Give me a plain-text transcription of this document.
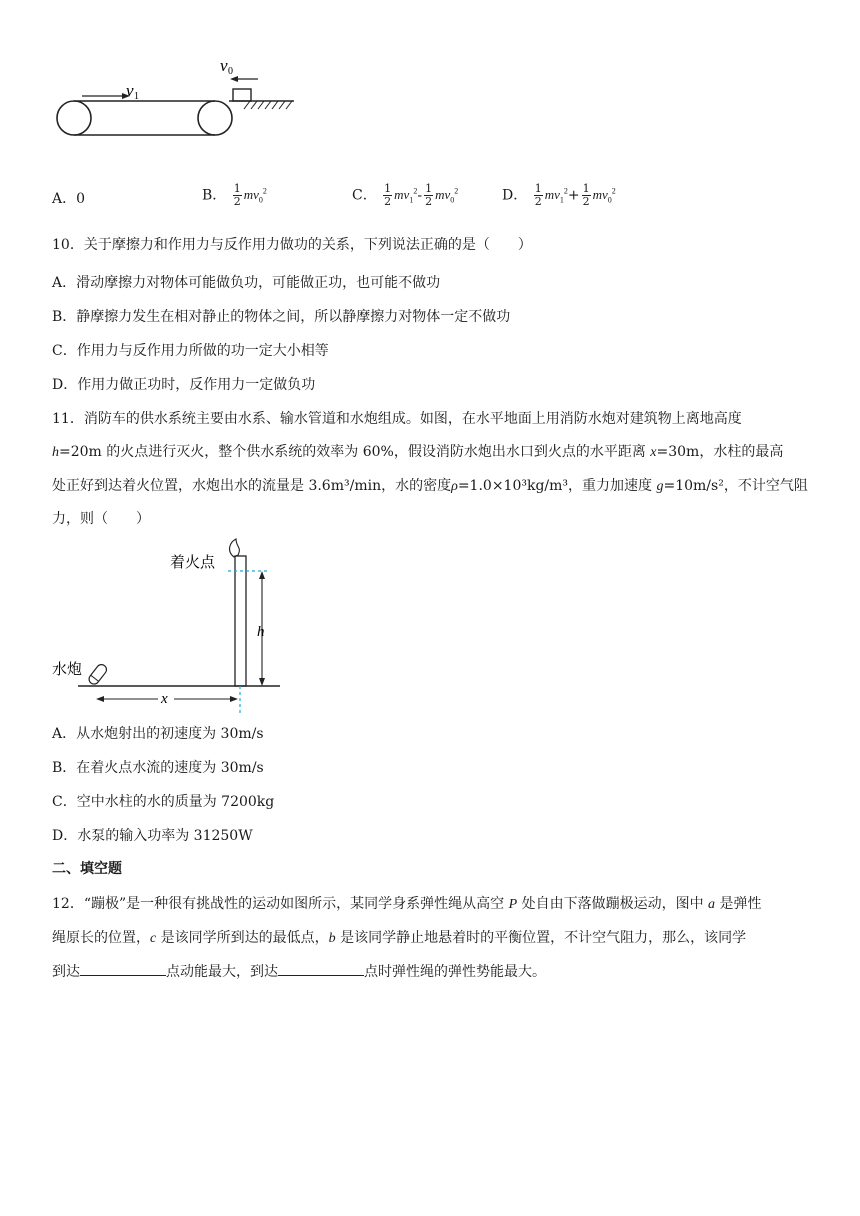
v 1
v 0
A．0	B． $\frac{1}{2} mv_0^2$	C． $\frac{1}{2} mv_1^2- \frac{1}{2} mv_0^2$	D． $\frac{1}{2} mv_1^2+ \frac{1}{2} mv_0^2$
10．关于摩擦力和作用力与反作用力做功的关系，下列说法正确的是（　　）
A．滑动摩擦力对物体可能做负功，可能做正功，也可能不做功
B．静摩擦力发生在相对静止的物体之间，所以静摩擦力对物体一定不做功
C．作用力与反作用力所做的功一定大小相等
D．作用力做正功时，反作用力一定做负功
11．消防车的供水系统主要由水系、输水管道和水炮组成。如图，在水平地面上用消防水炮对建筑物上离地高度
h=20m 的火点进行灭火，整个供水系统的效率为 60%，假设消防水炮出水口到火点的水平距离 x=30m，水柱的最高
处正好到达着火位置，水炮出水的流量是 3.6m³/min，水的密度ρ=1.0×10³kg/m³，重力加速度 g=10m/s²，不计空气阻
力，则（　　）
h
着火点
水炮
x
A．从水炮射出的初速度为 30m/s
B．在着火点水流的速度为 30m/s
C．空中水柱的水的质量为 7200kg
D．水泵的输入功率为 31250W
二、填空题
12．“蹦极”是一种很有挑战性的运动如图所示，某同学身系弹性绳从高空 P 处自由下落做蹦极运动，图中 a 是弹性
绳原长的位置，c 是该同学所到达的最低点，b 是该同学静止地悬着时的平衡位置，不计空气阻力，那么，该同学
到达	点动能最大，到达	点时弹性绳的弹性势能最大。
